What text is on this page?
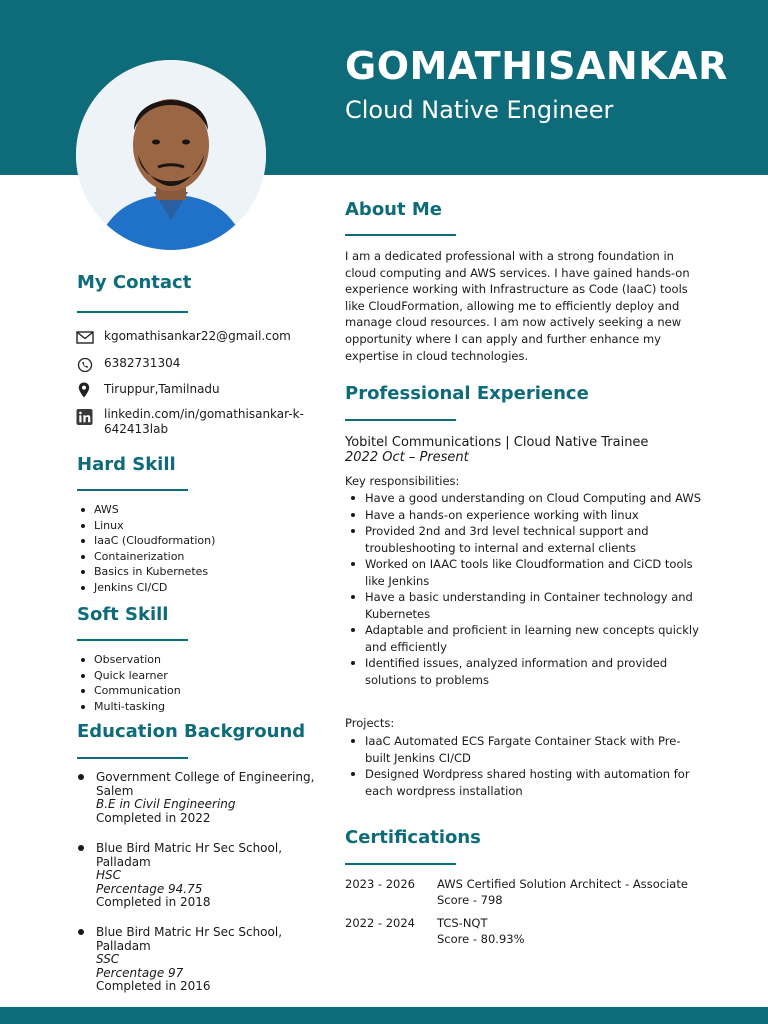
GOMATHISANKAR
Cloud Native Engineer
My Contact
kgomathisankar22@gmail.com
6382731304
Tiruppur,Tamilnadu
linkedin.com/in/gomathisankar-k-642413lab
Hard Skill
AWS
Linux
IaaC (Cloudformation)
Containerization
Basics in Kubernetes
Jenkins CI/CD
Soft Skill
Observation
Quick learner
Communication
Multi-tasking
Education Background
Government College of Engineering, Salem
B.E in Civil Engineering
Completed in 2022
Blue Bird Matric Hr Sec School, Palladam
HSC
Percentage 94.75
Completed in 2018
Blue Bird Matric Hr Sec School, Palladam
SSC
Percentage 97
Completed in 2016
About Me
I am a dedicated professional with a strong foundation in cloud computing and AWS services. I have gained hands-on experience working with Infrastructure as Code (IaaC) tools like CloudFormation, allowing me to efficiently deploy and manage cloud resources. I am now actively seeking a new opportunity where I can apply and further enhance my expertise in cloud technologies.
Professional Experience
Yobitel Communications | Cloud Native Trainee
2022 Oct – Present
Key responsibilities:
Have a good understanding on Cloud Computing and AWS
Have a hands-on experience working with linux
Provided 2nd and 3rd level technical support and troubleshooting to internal and external clients
Worked on IAAC tools like Cloudformation and CiCD tools like Jenkins
Have a basic understanding in Container technology and Kubernetes
Adaptable and proficient in learning new concepts quickly and efficiently
Identified issues, analyzed information and provided solutions to problems
Projects:
IaaC Automated ECS Fargate Container Stack with Pre-built Jenkins CI/CD
Designed Wordpress shared hosting with automation for each wordpress installation
Certifications
2023 - 2026 AWS Certified Solution Architect - Associate
Score - 798
2022 - 2024 TCS-NQT
Score - 80.93%
